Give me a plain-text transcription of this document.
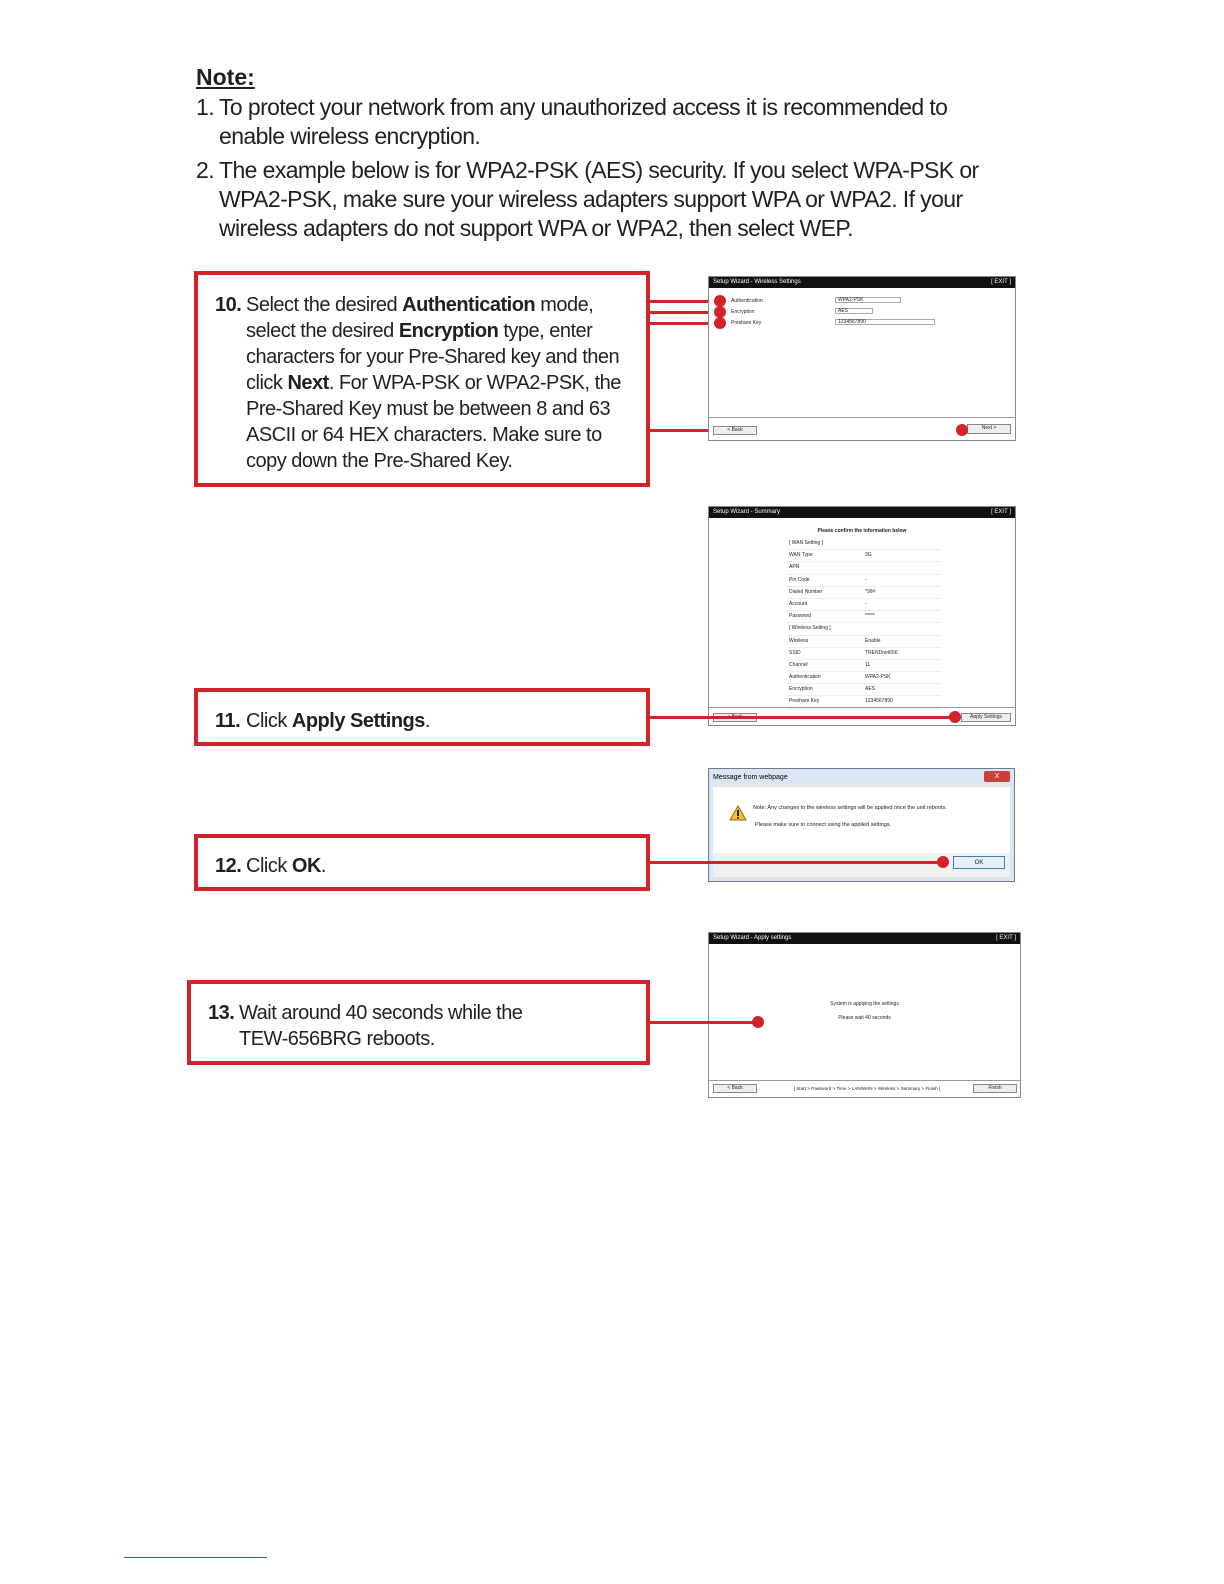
Note:
1. To protect your network from any unauthorized access it is recommended to enable wireless encryption.
2. The example below is for WPA2-PSK (AES) security. If you select WPA-PSK or WPA2-PSK, make sure your wireless adapters support WPA or WPA2. If your wireless adapters do not support WPA or WPA2, then select WEP.
10. Select the desired Authentication mode, select the desired Encryption type, enter characters for your Pre-Shared key and then click Next. For WPA-PSK or WPA2-PSK, the Pre-Shared Key must be between 8 and 63 ASCII or 64 HEX characters. Make sure to copy down the Pre-Shared Key.
Setup Wizard - Wireless Settings	[ EXIT ]
Authentication	WPA2-PSK
Encryption	AES
Preshare Key	1234567890
< Back	Next >
Setup Wizard - Summary	[ EXIT ]
Please confirm the information below
[ WAN Setting ]
WAN Type	3G
APN
Pin Code	-
Dialed Number	*99#
Account	-
Password	*****
[ Wireless Setting ]
Wireless	Enable
SSID	TRENDnet656
Channel	11
Authentication	WPA2-PSK
Encryption	AES
Preshare Key	1234567890
Apply Settings
11. Click Apply Settings.
Message from webpage	X
Note: Any changes to the wireless settings will be applied once the unit reboots.
Please make sure to connect using the applied settings.
OK
12. Click OK.
Setup Wizard - Apply settings	[ EXIT ]
System is applying the settings
Please wait 40 seconds
< Back	[ Start > Password > Time > LAN/WAN > Wireless > Summary > Finish ]	Finish
13. Wait around 40 seconds while the TEW-656BRG reboots.
